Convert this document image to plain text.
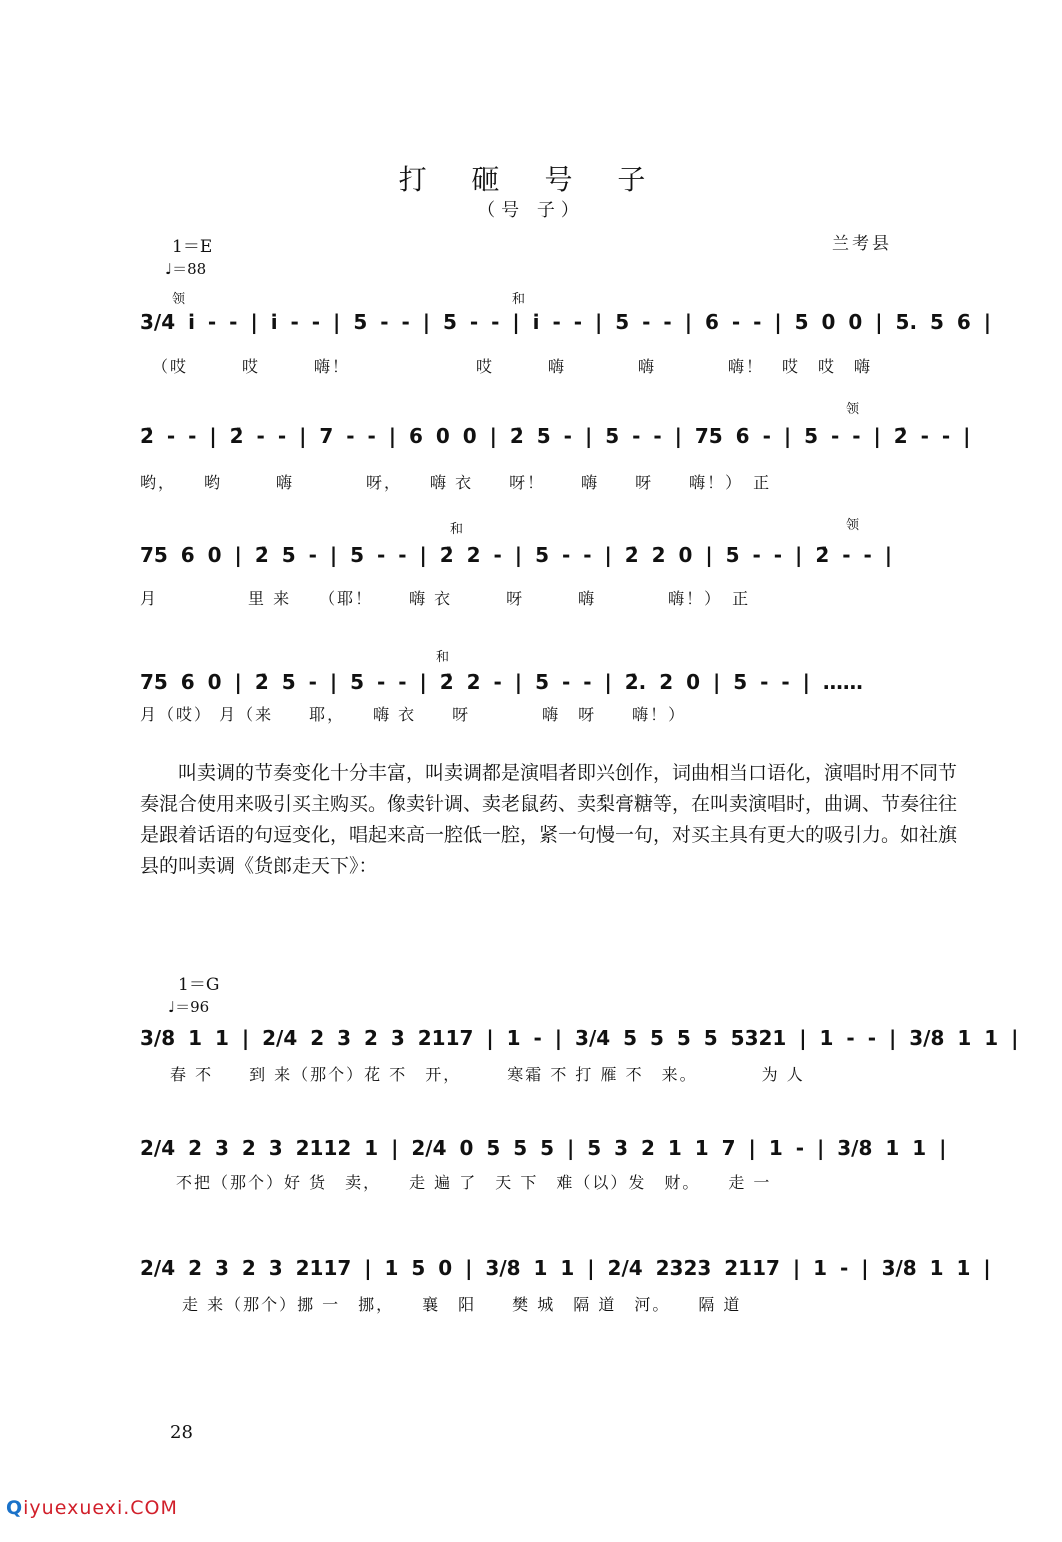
打 砸 号 子
（号 子）
兰考县
1＝E
♩＝88
领	和
3/4 i̇ - - | i̇ - - | 5 - - | 5 - - | i̇ - - | 5 - - | 6 - - | 5 0 0 | 5. 5 6 |
（哎　　　哎　　　嗨！　　　　　　　哎　　　嗨　　　　嗨　　　　嗨！　哎　哎　嗨
领
2̇ - - | 2̇ - - | 7 - - | 6 0 0 | 2̇ 5 - | 5 - - | 75 6 - | 5 - - | 2̇ - - |
哟，　　哟　　　嗨　　　　呀，　　嗨 衣　　呀！　　嗨　　呀　　嗨！）　正
和	领
75 6 0 | 2̇ 5 - | 5 - - | 2̇ 2 - | 5 - - | 2̇ 2 0 | 5 - - | 2̇ - - |
月　　　　　里 来　　（耶！　　嗨 衣　　　呀　　　嗨　　　　嗨！）　正
和
75 6 0 | 2̇ 5 - | 5 - - | 2̇ 2 - | 5 - - | 2̇. 2 0 | 5 - - | ……
月（哎） 月（来　　耶，　　嗨 衣　　呀　　　　嗨　呀　　嗨！）
叫卖调的节奏变化十分丰富，叫卖调都是演唱者即兴创作，词曲相当口语化，演唱时用不同节奏混合使用来吸引买主购买。像卖针调、卖老鼠药、卖梨膏糖等，在叫卖演唱时，曲调、节奏往往是跟着话语的句逗变化，唱起来高一腔低一腔，紧一句慢一句，对买主具有更大的吸引力。如社旗县的叫卖调《货郎走天下》：
1＝G
♩＝96
3/8 1 1 | 2/4 2 3 2 3 2117 | 1 - | 3/4 5 5 5 5 5321 | 1 - - | 3/8 1 1 |
春 不　　到 来（那个）花 不　开，　　　寒霜 不 打 雁 不　来。　　　　为 人
2/4 2 3 2 3 2112 1 | 2/4 0 5 5 5 | 5 3 2 1 1 7 | 1 - | 3/8 1 1 |
不把（那个）好 货　卖，　　走 遍 了　天 下　难（以）发　财。　　走 一
2/4 2 3 2 3 2117 | 1 5 0 | 3/8 1 1 | 2/4 2323 2117 | 1 - | 3/8 1 1 |
走 来（那个）挪 一　挪，　　襄　阳　　樊 城　隔 道　河。　　隔 道
28
Qiyuexuexi.COM
